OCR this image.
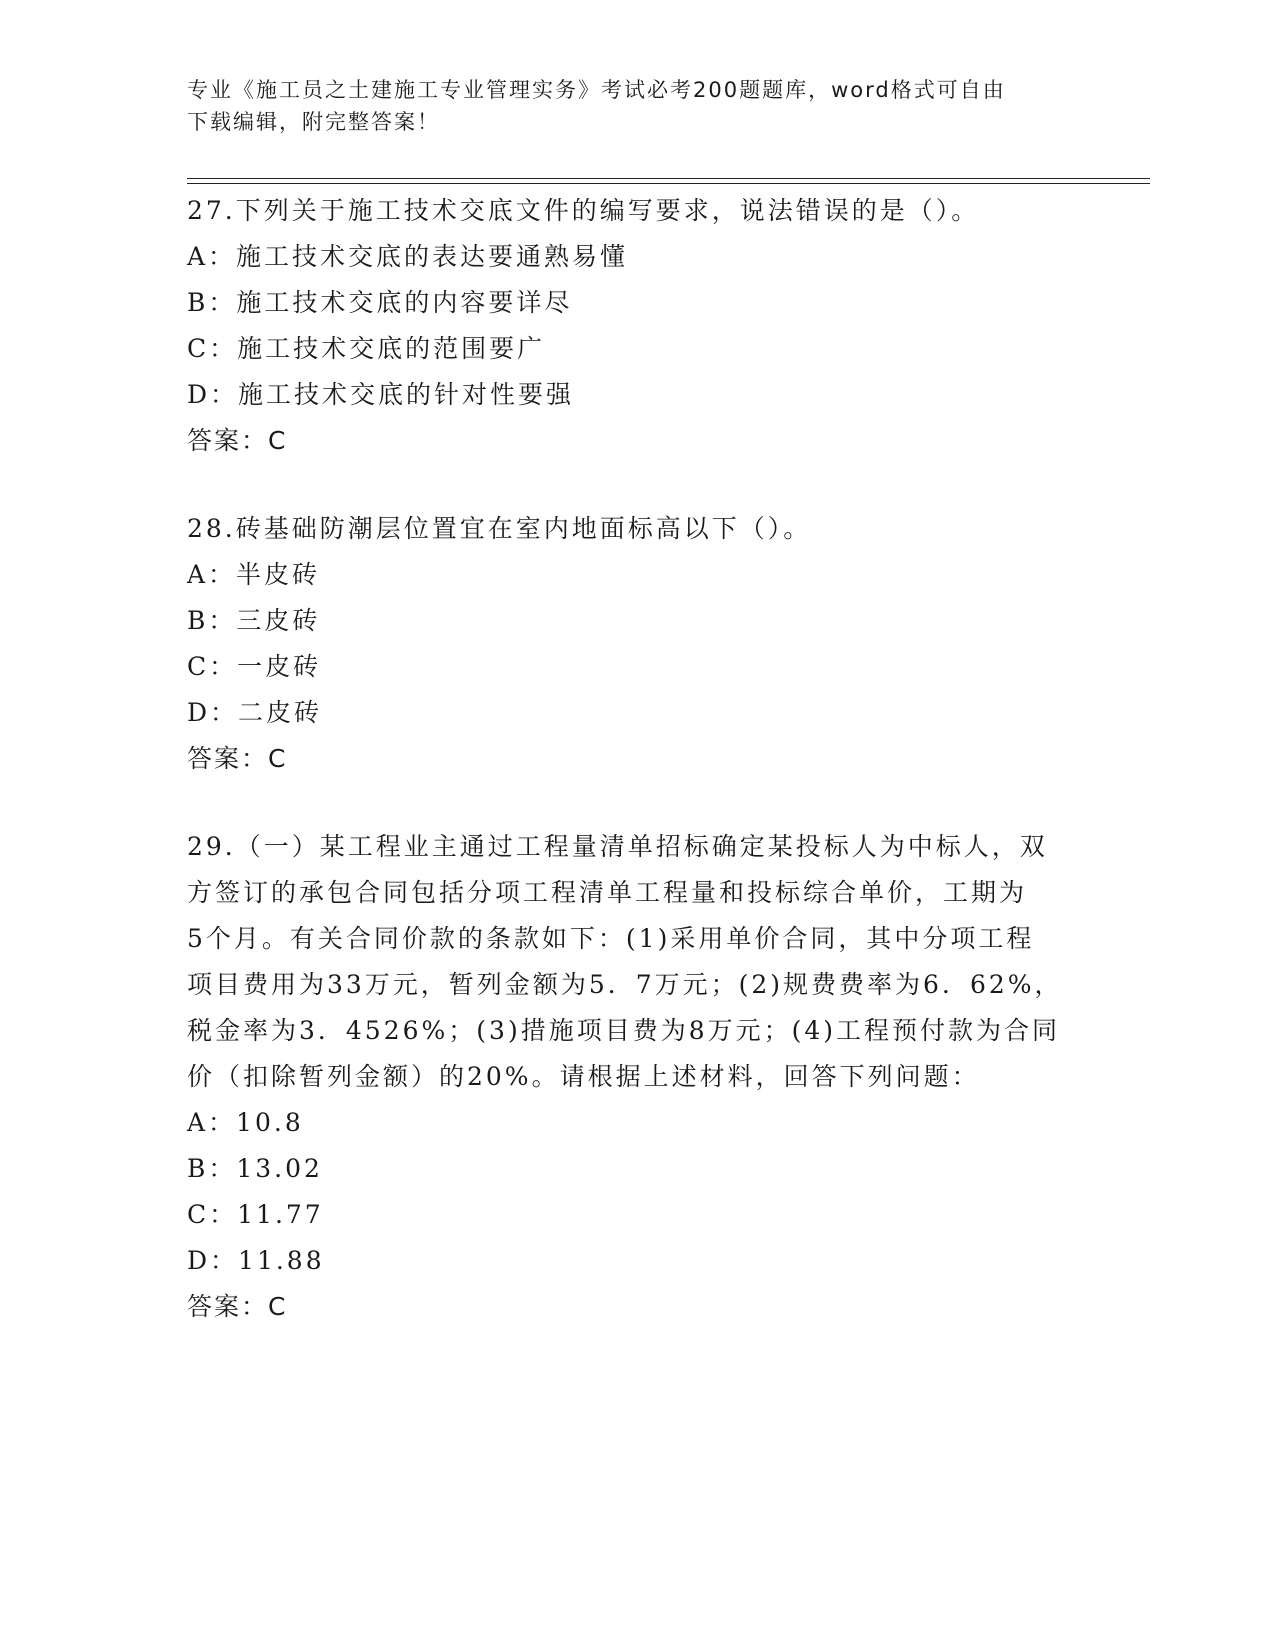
专业《施工员之土建施工专业管理实务》考试必考200题题库，word格式可自由
下载编辑，附完整答案！
27.下列关于施工技术交底文件的编写要求，说法错误的是（）。
A：施工技术交底的表达要通熟易懂
B：施工技术交底的内容要详尽
C：施工技术交底的范围要广
D：施工技术交底的针对性要强
答案：C
28.砖基础防潮层位置宜在室内地面标高以下（）。
A：半皮砖
B：三皮砖
C：一皮砖
D：二皮砖
答案：C
29.（一）某工程业主通过工程量清单招标确定某投标人为中标人，双
方签订的承包合同包括分项工程清单工程量和投标综合单价，工期为
5个月。有关合同价款的条款如下：(1)采用单价合同，其中分项工程
项目费用为33万元，暂列金额为5．7万元；(2)规费费率为6．62%，
税金率为3．4526%；(3)措施项目费为8万元；(4)工程预付款为合同
价（扣除暂列金额）的20%。请根据上述材料，回答下列问题：
A：10.8
B：13.02
C：11.77
D：11.88
答案：C
